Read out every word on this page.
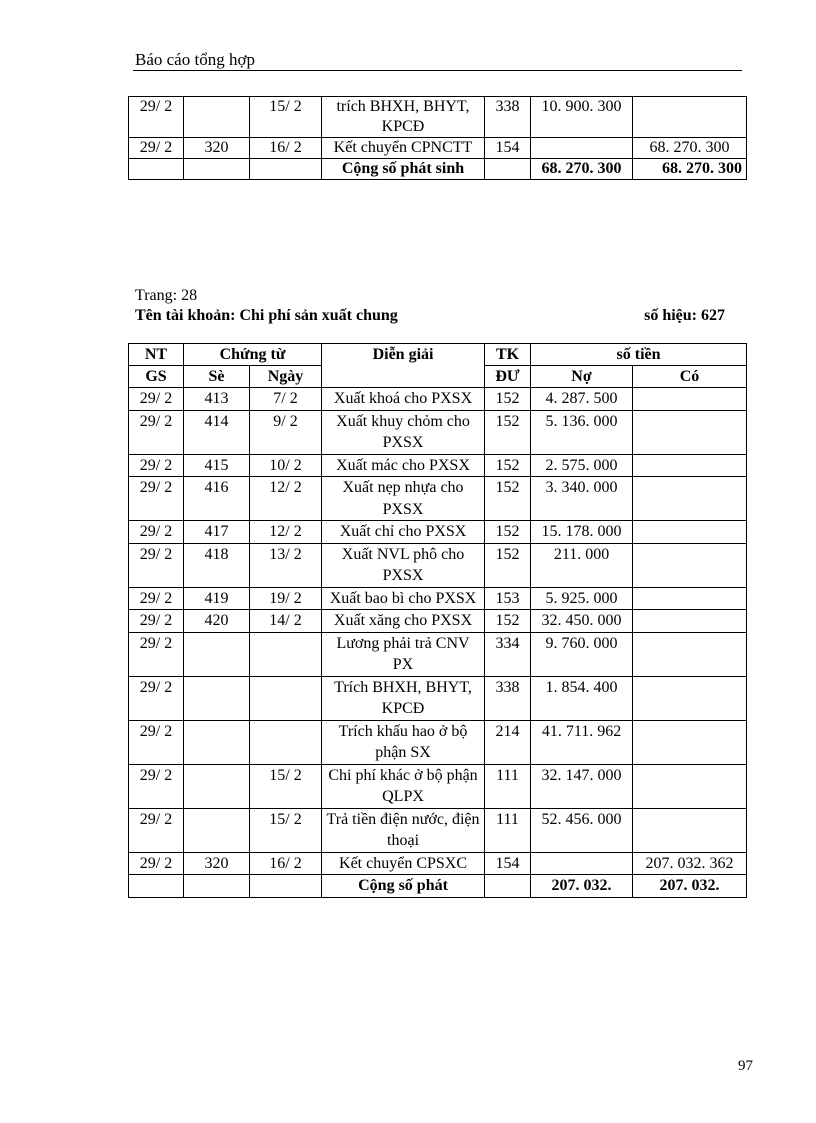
Báo cáo tổng hợp
29/ 2		15/ 2	trích BHXH, BHYT, KPCĐ	338	10. 900. 300	
29/ 2	320	16/ 2	Kết chuyển CPNCTT	154		68. 270. 300
			Cộng số phát sinh		68. 270. 300	68. 270. 300
Trang: 28
Tên tài khoản: Chi phí sản xuất chung	số hiệu: 627
NT	Chứng từ		Diễn giải	TK	số tiền	
GS	Sè	Ngày		ĐƯ	Nợ	Có
29/ 2	413	7/ 2	Xuất khoá cho PXSX	152	4. 287. 500	
29/ 2	414	9/ 2	Xuất khuy chỏm cho PXSX	152	5. 136. 000	
29/ 2	415	10/ 2	Xuất mác cho PXSX	152	2. 575. 000	
29/ 2	416	12/ 2	Xuất nẹp nhựa cho PXSX	152	3. 340. 000	
29/ 2	417	12/ 2	Xuất chỉ cho PXSX	152	15. 178. 000	
29/ 2	418	13/ 2	Xuất NVL phô cho PXSX	152	211. 000	
29/ 2	419	19/ 2	Xuất bao bì cho PXSX	153	5. 925. 000	
29/ 2	420	14/ 2	Xuất xăng cho PXSX	152	32. 450. 000	
29/ 2			Lương phải trả CNV PX	334	9. 760. 000	
29/ 2			Trích BHXH, BHYT, KPCĐ	338	1. 854. 400	
29/ 2			Trích khấu hao ở bộ phận SX	214	41. 711. 962	
29/ 2		15/ 2	Chi phí khác ở bộ phận QLPX	111	32. 147. 000	
29/ 2		15/ 2	Trả tiền điện nước, điện thoại	111	52. 456. 000	
29/ 2	320	16/ 2	Kết chuyển CPSXC	154		207. 032. 362
			Cộng số phát		207. 032.	207. 032.
97
